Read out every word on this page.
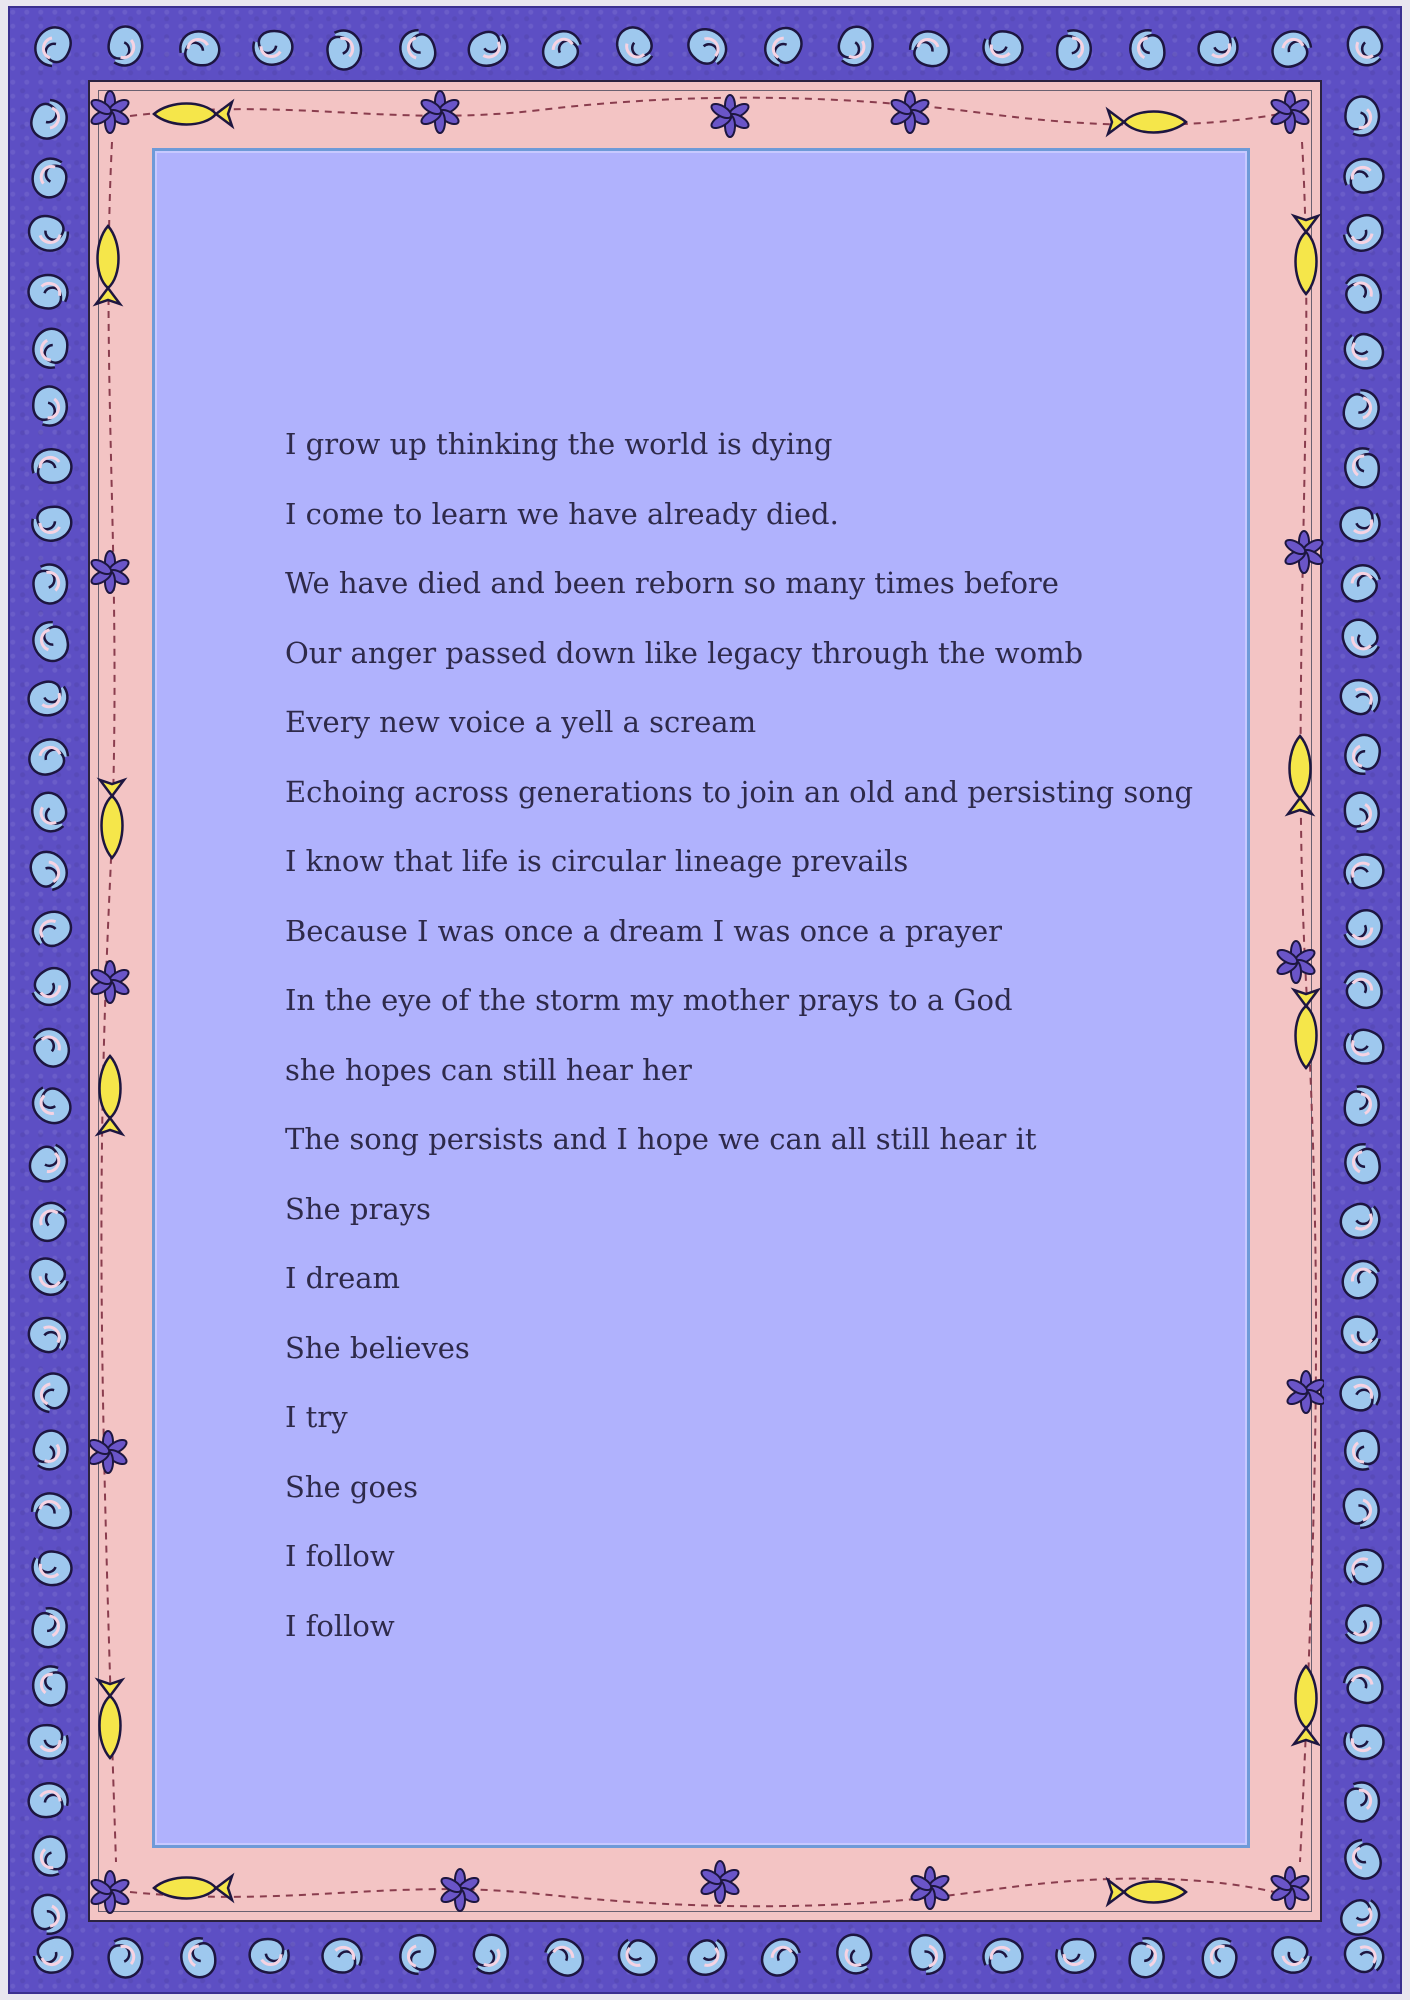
I grow up thinking the world is dying
I come to learn we have already died.
We have died and been reborn so many times before
Our anger passed down like legacy through the womb
Every new voice a yell a scream
Echoing across generations to join an old and persisting song
I know that life is circular lineage prevails
Because I was once a dream I was once a prayer
In the eye of the storm my mother prays to a God
she hopes can still hear her
The song persists and I hope we can all still hear it
She prays
I dream
She believes
I try
She goes
I follow
I follow
